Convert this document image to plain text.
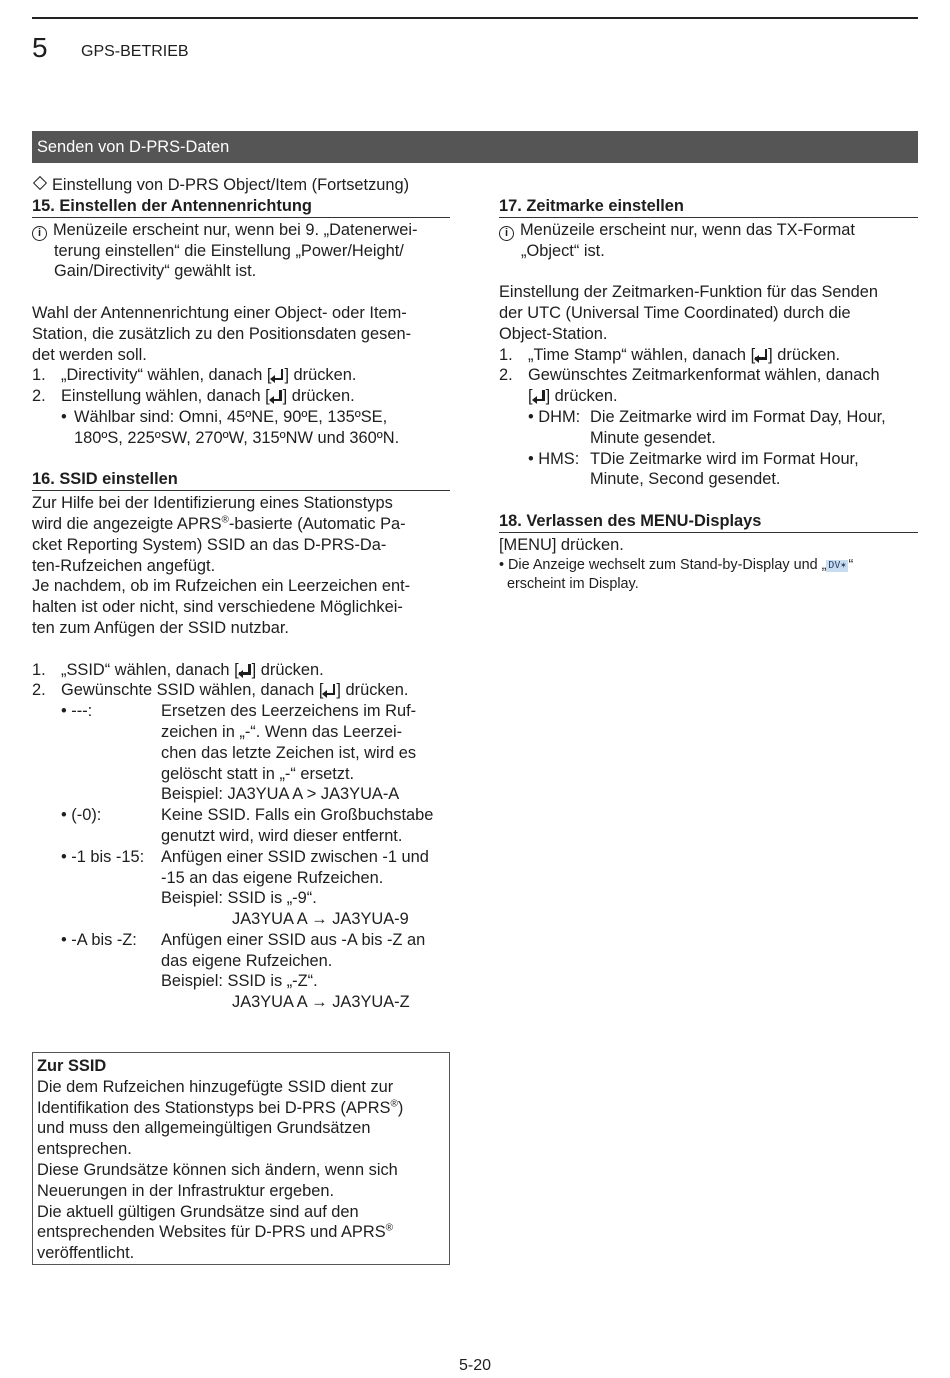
5 GPS-BETRIEB
Senden von D-PRS-Daten

Einstellung von D-PRS Object/Item (Fortsetzung)

15. Einstellen der Antennenrichtung
i Menüzeile erscheint nur, wenn bei 9. „Datenerwei-
terung einstellen“ die Einstellung „Power/Height/
Gain/Directivity“ gewählt ist.

Wahl der Antennenrichtung einer Object- oder Item-
Station, die zusätzlich zu den Positionsdaten gesen-
det werden soll.

1. „Directivity“ wählen, danach [ ] drücken.
2. Einstellung wählen, danach [ ] drücken.
• Wählbar sind: Omni, 45ºNE, 90ºE, 135ºSE,
180ºS, 225ºSW, 270ºW, 315ºNW und 360ºN.
16. SSID einstellen

Zur Hilfe bei der Identifizierung eines Stationstyps
wird die angezeigte APRS®-basierte (Automatic Pa-
cket Reporting System) SSID an das D-PRS-Da-
ten-Rufzeichen angefügt.

Je nachdem, ob im Rufzeichen ein Leerzeichen ent-
halten ist oder nicht, sind verschiedene Möglichkei-
ten zum Anfügen der SSID nutzbar.

1. „SSID“ wählen, danach [ ] drücken.
2. Gewünschte SSID wählen, danach [ ] drücken.
• ---:	Ersetzen des Leerzeichens im Ruf-
zeichen in „-“. Wenn das Leerzei-
chen das letzte Zeichen ist, wird es
gelöscht statt in „-“ ersetzt.
Beispiel: JA3YUA A > JA3YUA-A
• (-0):	Keine SSID. Falls ein Großbuchstabe
genutzt wird, wird dieser entfernt.
• -1 bis -15: Anfügen einer SSID zwischen -1 und
-15 an das eigene Rufzeichen.
Beispiel: SSID is „-9“.
JA3YUA A → JA3YUA-9
• -A bis -Z: Anfügen einer SSID aus -A bis -Z an
das eigene Rufzeichen.
Beispiel: SSID is „-Z“.
JA3YUA A → JA3YUA-Z
Zur SSID

Die dem Rufzeichen hinzugefügte SSID dient zur
Identifikation des Stationstyps bei D-PRS (APRS®)
und muss den allgemeingültigen Grundsätzen
entsprechen.
Diese Grundsätze können sich ändern, wenn sich
Neuerungen in der Infrastruktur ergeben.
Die aktuell gültigen Grundsätze sind auf den
entsprechenden Websites für D-PRS und APRS®
veröffentlicht.

17. Zeitmarke einstellen
i Menüzeile erscheint nur, wenn das TX-Format
„Object“ ist.

Einstellung der Zeitmarken-Funktion für das Senden
der UTC (Universal Time Coordinated) durch die
Object-Station.

1. „Time Stamp“ wählen, danach [ ] drücken.
2. Gewünschtes Zeitmarkenformat wählen, danach
[ ] drücken.
• DHM: Die Zeitmarke wird im Format Day, Hour,
Minute gesendet.
• HMS: TDie Zeitmarke wird im Format Hour,
Minute, Second gesendet.
18. Verlassen des MENU-Displays

[MENU] drücken.

• Die Anzeige wechselt zum Stand-by-Display und „ DV✶ “
erscheint im Display.

5-20
